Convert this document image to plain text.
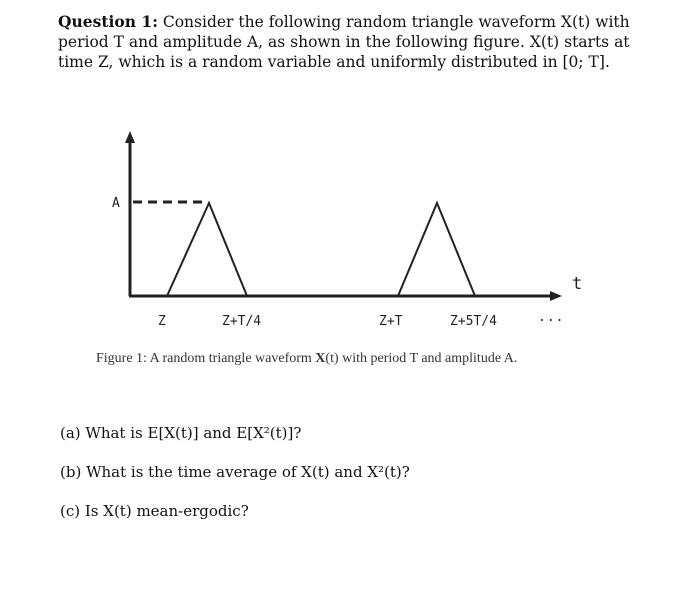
Question 1: Consider the following random triangle waveform X(t) with period T and amplitude A, as shown in the following figure. X(t) starts at time Z, which is a random variable and uniformly distributed in [0; T].
A
t
Z	Z+T/4	Z+T	Z+5T/4	...
Figure 1: A random triangle waveform X(t) with period T and amplitude A.
(a) What is E[X(t)] and E[X²(t)]?
(b) What is the time average of X(t) and X²(t)?
(c) Is X(t) mean-ergodic?
